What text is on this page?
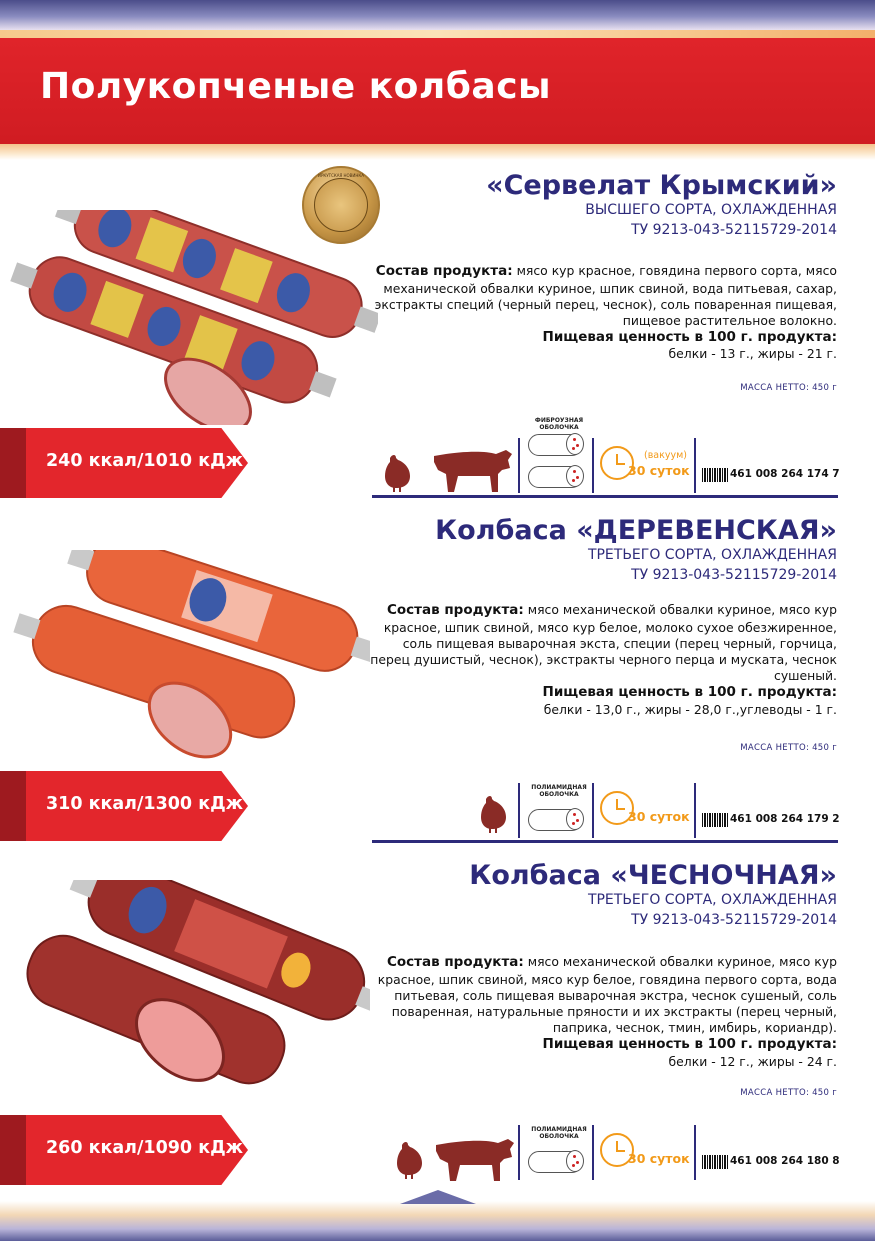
Полукопченые колбасы
ИРКУТСКАЯ НОВИНКА	«Сервелат Крымский»
ВЫСШЕГО СОРТА, ОХЛАЖДЕННАЯ
ТУ 9213-043-52115729-2014
Состав продукта: мясо кур красное, говядина первого сорта, мясо механической обвалки куриное, шпик свиной, вода питьевая, сахар, экстракты специй (черный перец, чеснок), соль поваренная пищевая, пищевое растительное волокно.
Пищевая ценность в 100 г. продукта:
белки - 13 г., жиры - 21 г.
МАССА НЕТТО: 450 г
240 ккал/1010 кДж
ФИБРОУЗНАЯ ОБОЛОЧКА
(вакуум)
30 суток	461 008 264 174 7
Колбаса «ДЕРЕВЕНСКАЯ»
ТРЕТЬЕГО СОРТА, ОХЛАЖДЕННАЯ
ТУ 9213-043-52115729-2014
Состав продукта: мясо механической обвалки куриное, мясо кур красное, шпик свиной, мясо кур белое, молоко сухое обезжиренное, соль пищевая выварочная экста, специи (перец черный, горчица, перец душистый, чеснок), экстракты черного перца и муската, чеснок сушеный.
Пищевая ценность в 100 г. продукта:
белки - 13,0 г., жиры - 28,0 г.,углеводы - 1 г.
МАССА НЕТТО: 450 г
310 ккал/1300 кДж
ПОЛИАМИДНАЯ ОБОЛОЧКА
30 суток	461 008 264 179 2
Колбаса «ЧЕСНОЧНАЯ»
ТРЕТЬЕГО СОРТА, ОХЛАЖДЕННАЯ
ТУ 9213-043-52115729-2014
Состав продукта: мясо механической обвалки куриное, мясо кур красное, шпик свиной, мясо кур белое, говядина первого сорта, вода питьевая, соль пищевая выварочная экстра, чеснок сушеный, соль поваренная, натуральные пряности и их экстракты (перец черный, паприка, чеснок, тмин, имбирь, кориандр).
Пищевая ценность в 100 г. продукта:
белки - 12 г., жиры - 24 г.
МАССА НЕТТО: 450 г
260 ккал/1090 кДж
ПОЛИАМИДНАЯ ОБОЛОЧКА
30 суток	461 008 264 180 8
